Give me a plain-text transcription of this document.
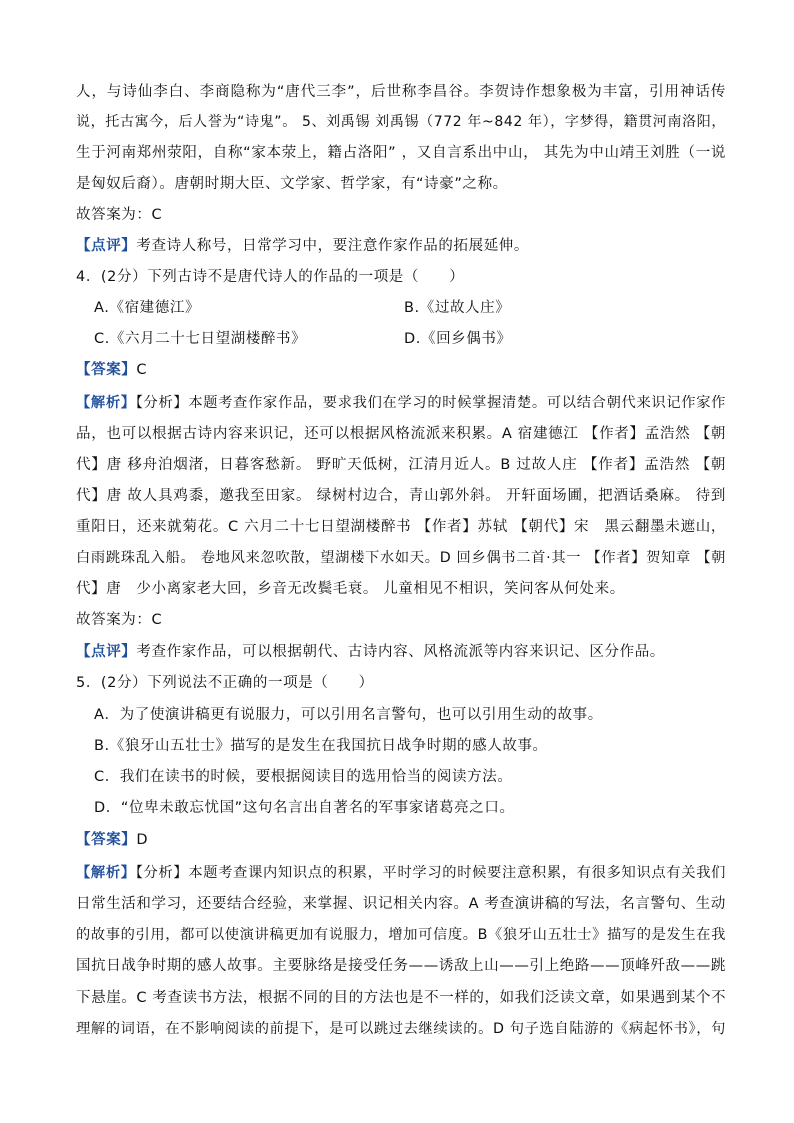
人，与诗仙李白、李商隐称为“唐代三李”，后世称李昌谷。李贺诗作想象极为丰富，引用神话传
说，托古寓今，后人誉为“诗鬼”。 5、刘禹锡 刘禹锡（772 年~842 年），字梦得，籍贯河南洛阳，
生于河南郑州荥阳，自称“家本荥上，籍占洛阳” ，又自言系出中山， 其先为中山靖王刘胜（一说
是匈奴后裔）。唐朝时期大臣、文学家、哲学家，有“诗豪”之称。
故答案为：C
【点评】考查诗人称号，日常学习中，要注意作家作品的拓展延伸。
4．(2分）下列古诗不是唐代诗人的作品的一项是（　　）
A.《宿建德江》	B.《过故人庄》
C.《六月二十七日望湖楼醉书》	D.《回乡偶书》
【答案】C
【解析】【分析】本题考查作家作品，要求我们在学习的时候掌握清楚。可以结合朝代来识记作家作
品，也可以根据古诗内容来识记，还可以根据风格流派来积累。A 宿建德江 【作者】孟浩然 【朝
代】唐 移舟泊烟渚，日暮客愁新。 野旷天低树，江清月近人。B 过故人庄 【作者】孟浩然 【朝
代】唐 故人具鸡黍，邀我至田家。 绿树村边合，青山郭外斜。 开轩面场圃，把酒话桑麻。 待到
重阳日，还来就菊花。C 六月二十七日望湖楼醉书 【作者】苏轼 【朝代】宋　黑云翻墨未遮山，
白雨跳珠乱入船。 卷地风来忽吹散，望湖楼下水如天。D 回乡偶书二首·其一 【作者】贺知章 【朝
代】唐　少小离家老大回，乡音无改鬓毛衰。 儿童相见不相识，笑问客从何处来。
故答案为：C
【点评】考查作家作品，可以根据朝代、古诗内容、风格流派等内容来识记、区分作品。
5．(2分）下列说法不正确的一项是（　　）
A．为了使演讲稿更有说服力，可以引用名言警句，也可以引用生动的故事。
B.《狼牙山五壮士》描写的是发生在我国抗日战争时期的感人故事。
C．我们在读书的时候，要根据阅读目的选用恰当的阅读方法。
D．“位卑未敢忘忧国”这句名言出自著名的军事家诸葛亮之口。
【答案】D
【解析】【分析】本题考查课内知识点的积累，平时学习的时候要注意积累，有很多知识点有关我们
日常生活和学习，还要结合经验，来掌握、识记相关内容。A 考查演讲稿的写法，名言警句、生动
的故事的引用，都可以使演讲稿更加有说服力，增加可信度。B《狼牙山五壮士》描写的是发生在我
国抗日战争时期的感人故事。主要脉络是接受任务——诱敌上山——引上绝路——顶峰歼敌——跳
下悬崖。C 考查读书方法，根据不同的目的方法也是不一样的，如我们泛读文章，如果遇到某个不
理解的词语，在不影响阅读的前提下，是可以跳过去继续读的。D 句子选自陆游的《病起怀书》，句
